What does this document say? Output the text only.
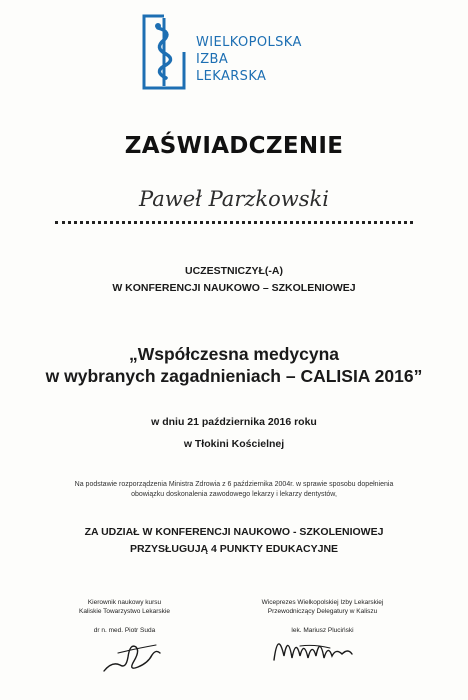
WIELKOPOLSKA
IZBA
LEKARSKA
ZAŚWIADCZENIE
Paweł Parzkowski
UCZESTNICZYŁ(-A)
W KONFERENCJI NAUKOWO – SZKOLENIOWEJ
„Współczesna medycyna
w wybranych zagadnieniach – CALISIA 2016”
w dniu 21 października 2016 roku
w Tłokini Kościelnej
Na podstawie rozporządzenia Ministra Zdrowia z 6 października 2004r. w sprawie sposobu dopełnienia
obowiązku doskonalenia zawodowego lekarzy i lekarzy dentystów,
ZA UDZIAŁ W KONFERENCJI NAUKOWO - SZKOLENIOWEJ
PRZYSŁUGUJĄ 4 PUNKTY EDUKACYJNE
Kierownik naukowy kursu
Kaliskie Towarzystwo Lekarskie
dr n. med. Piotr Suda
Wiceprezes Wielkopolskiej Izby Lekarskiej
Przewodniczący Delegatury w Kaliszu
lek. Mariusz Pluciński
